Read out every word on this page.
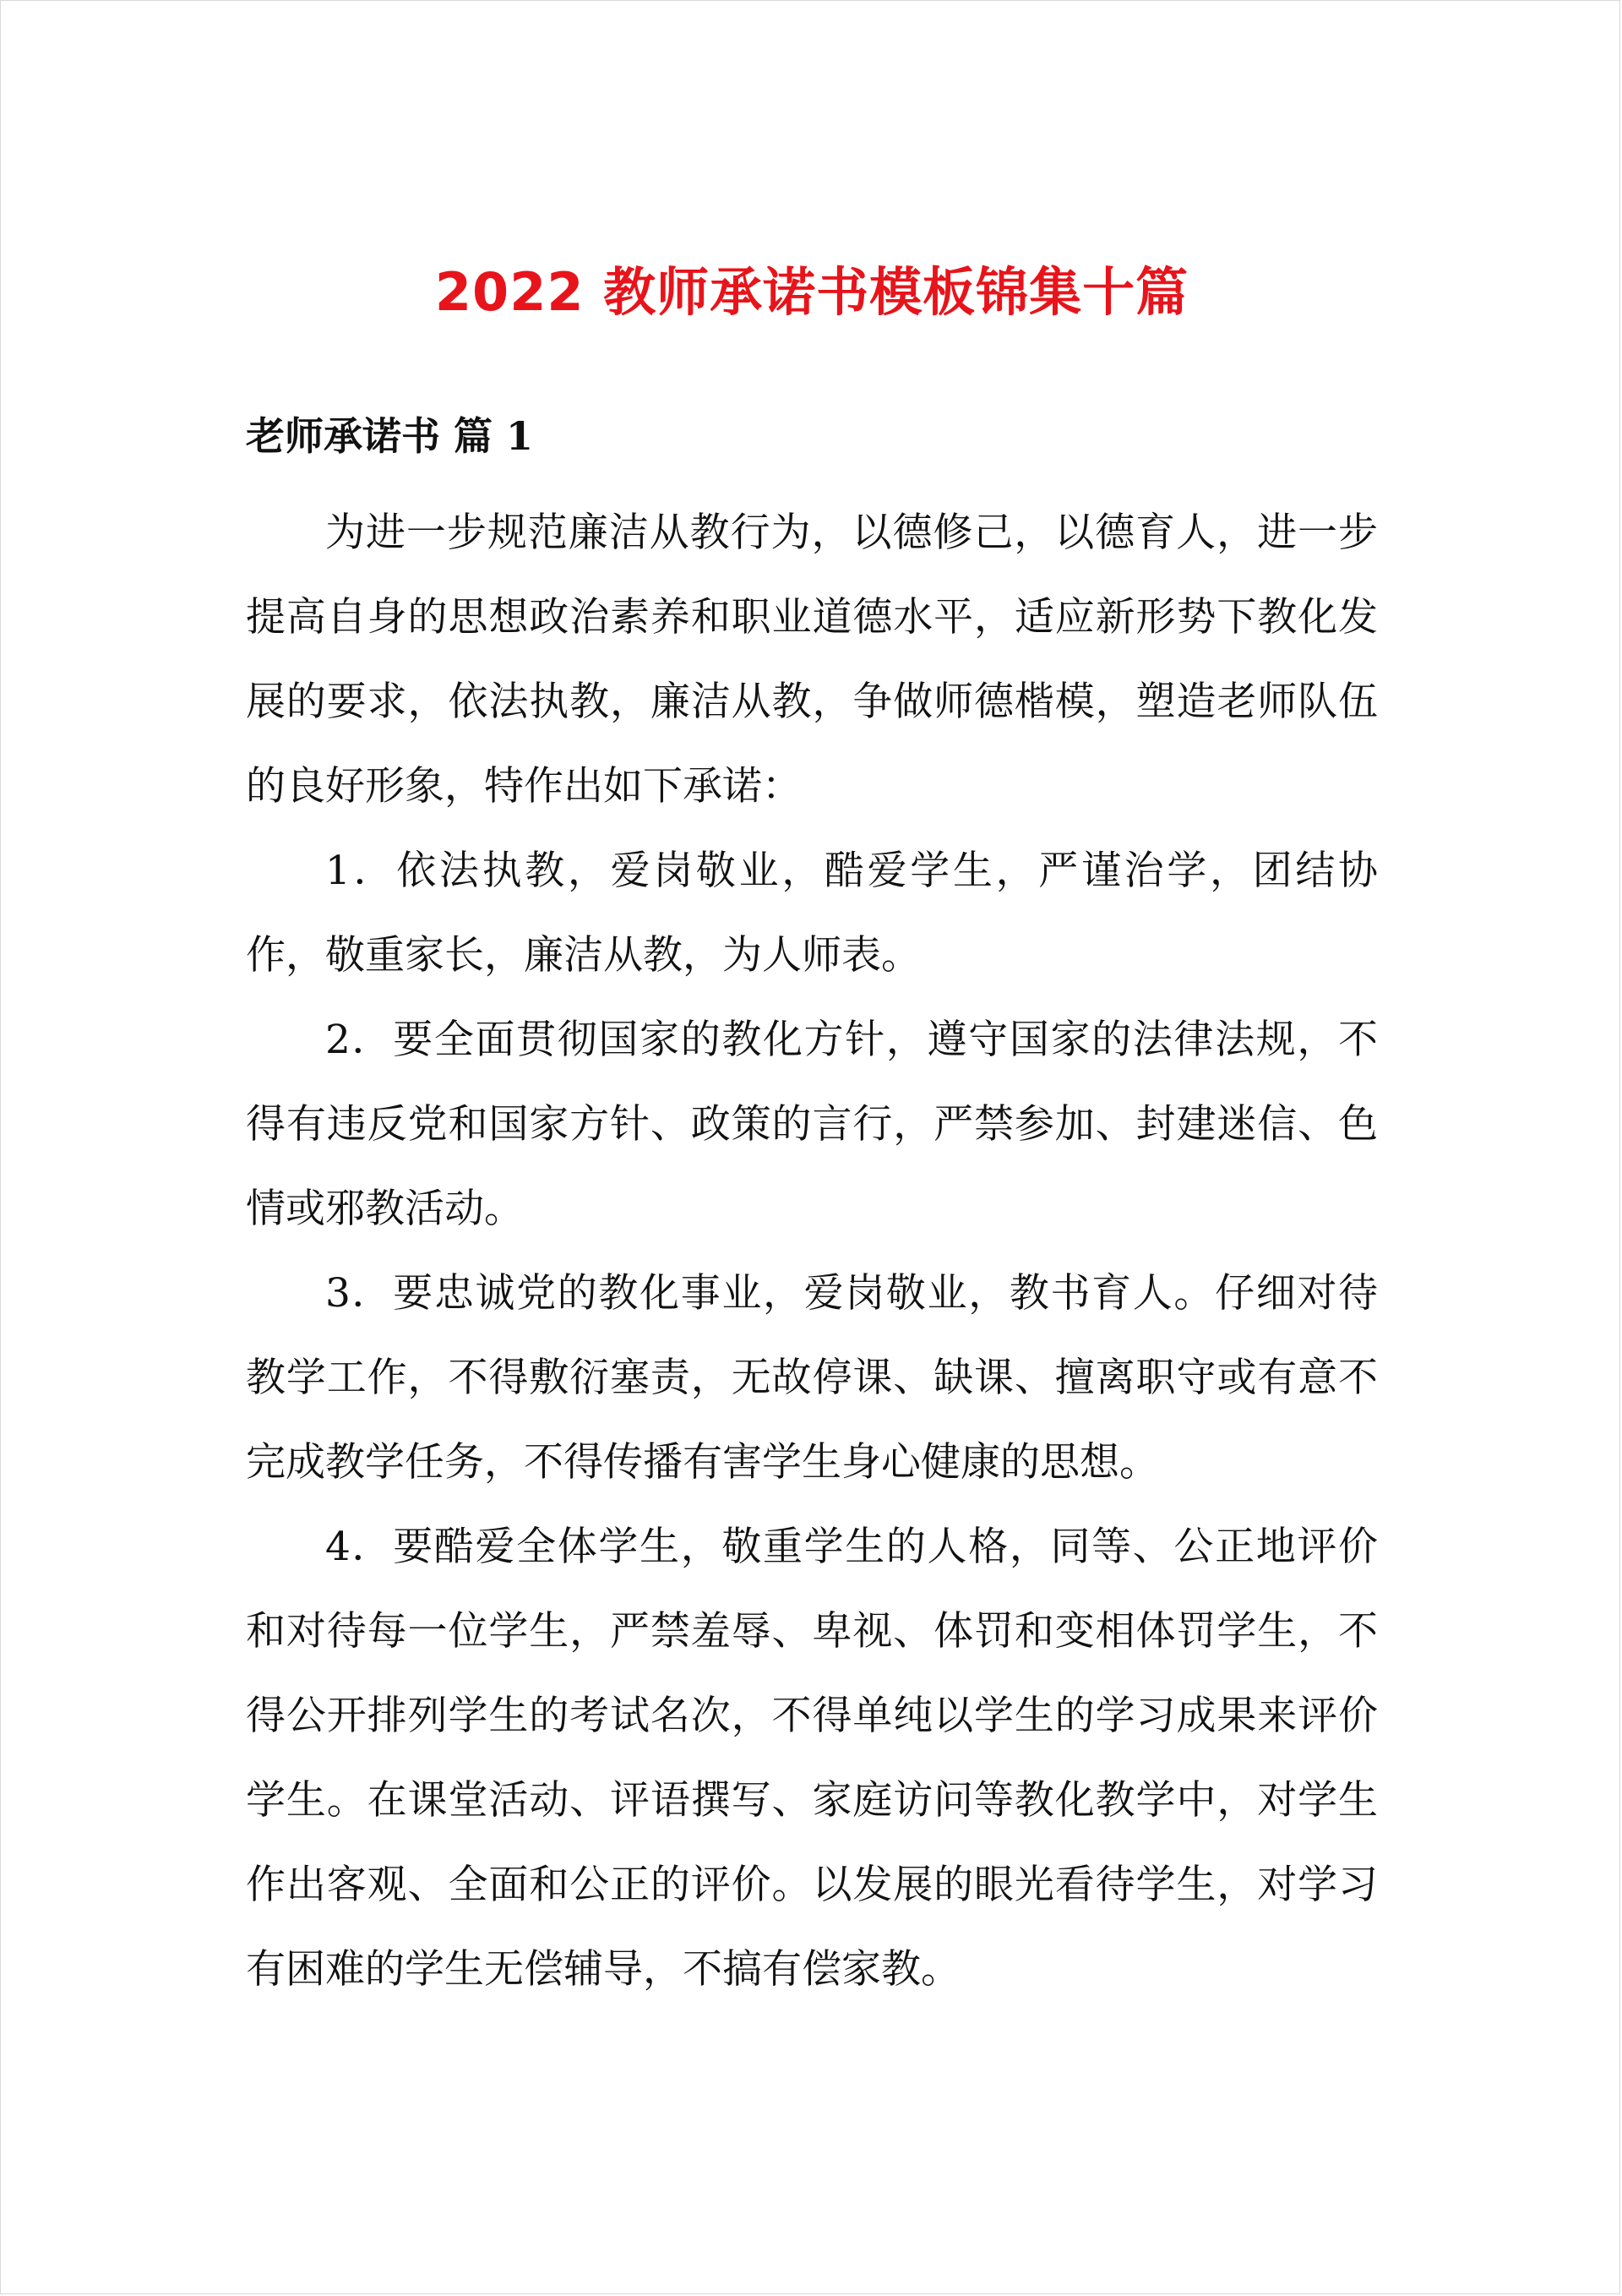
2022 教师承诺书模板锦集十篇
老师承诺书 篇 1

为进一步规范廉洁从教行为，以德修己，以德育人，进一步提高自身的思想政治素养和职业道德水平，适应新形势下教化发展的要求，依法执教，廉洁从教，争做师德楷模，塑造老师队伍的良好形象，特作出如下承诺：

1．依法执教，爱岗敬业，酷爱学生，严谨治学，团结协作，敬重家长，廉洁从教，为人师表。

2．要全面贯彻国家的教化方针，遵守国家的法律法规，不得有违反党和国家方针、政策的言行，严禁参加、封建迷信、色情或邪教活动。

3．要忠诚党的教化事业，爱岗敬业，教书育人。仔细对待教学工作，不得敷衍塞责，无故停课、缺课、擅离职守或有意不完成教学任务，不得传播有害学生身心健康的思想。

4．要酷爱全体学生，敬重学生的人格，同等、公正地评价和对待每一位学生，严禁羞辱、卑视、体罚和变相体罚学生，不得公开排列学生的考试名次，不得单纯以学生的学习成果来评价学生。在课堂活动、评语撰写、家庭访问等教化教学中，对学生作出客观、全面和公正的评价。以发展的眼光看待学生，对学习有困难的学生无偿辅导，不搞有偿家教。
